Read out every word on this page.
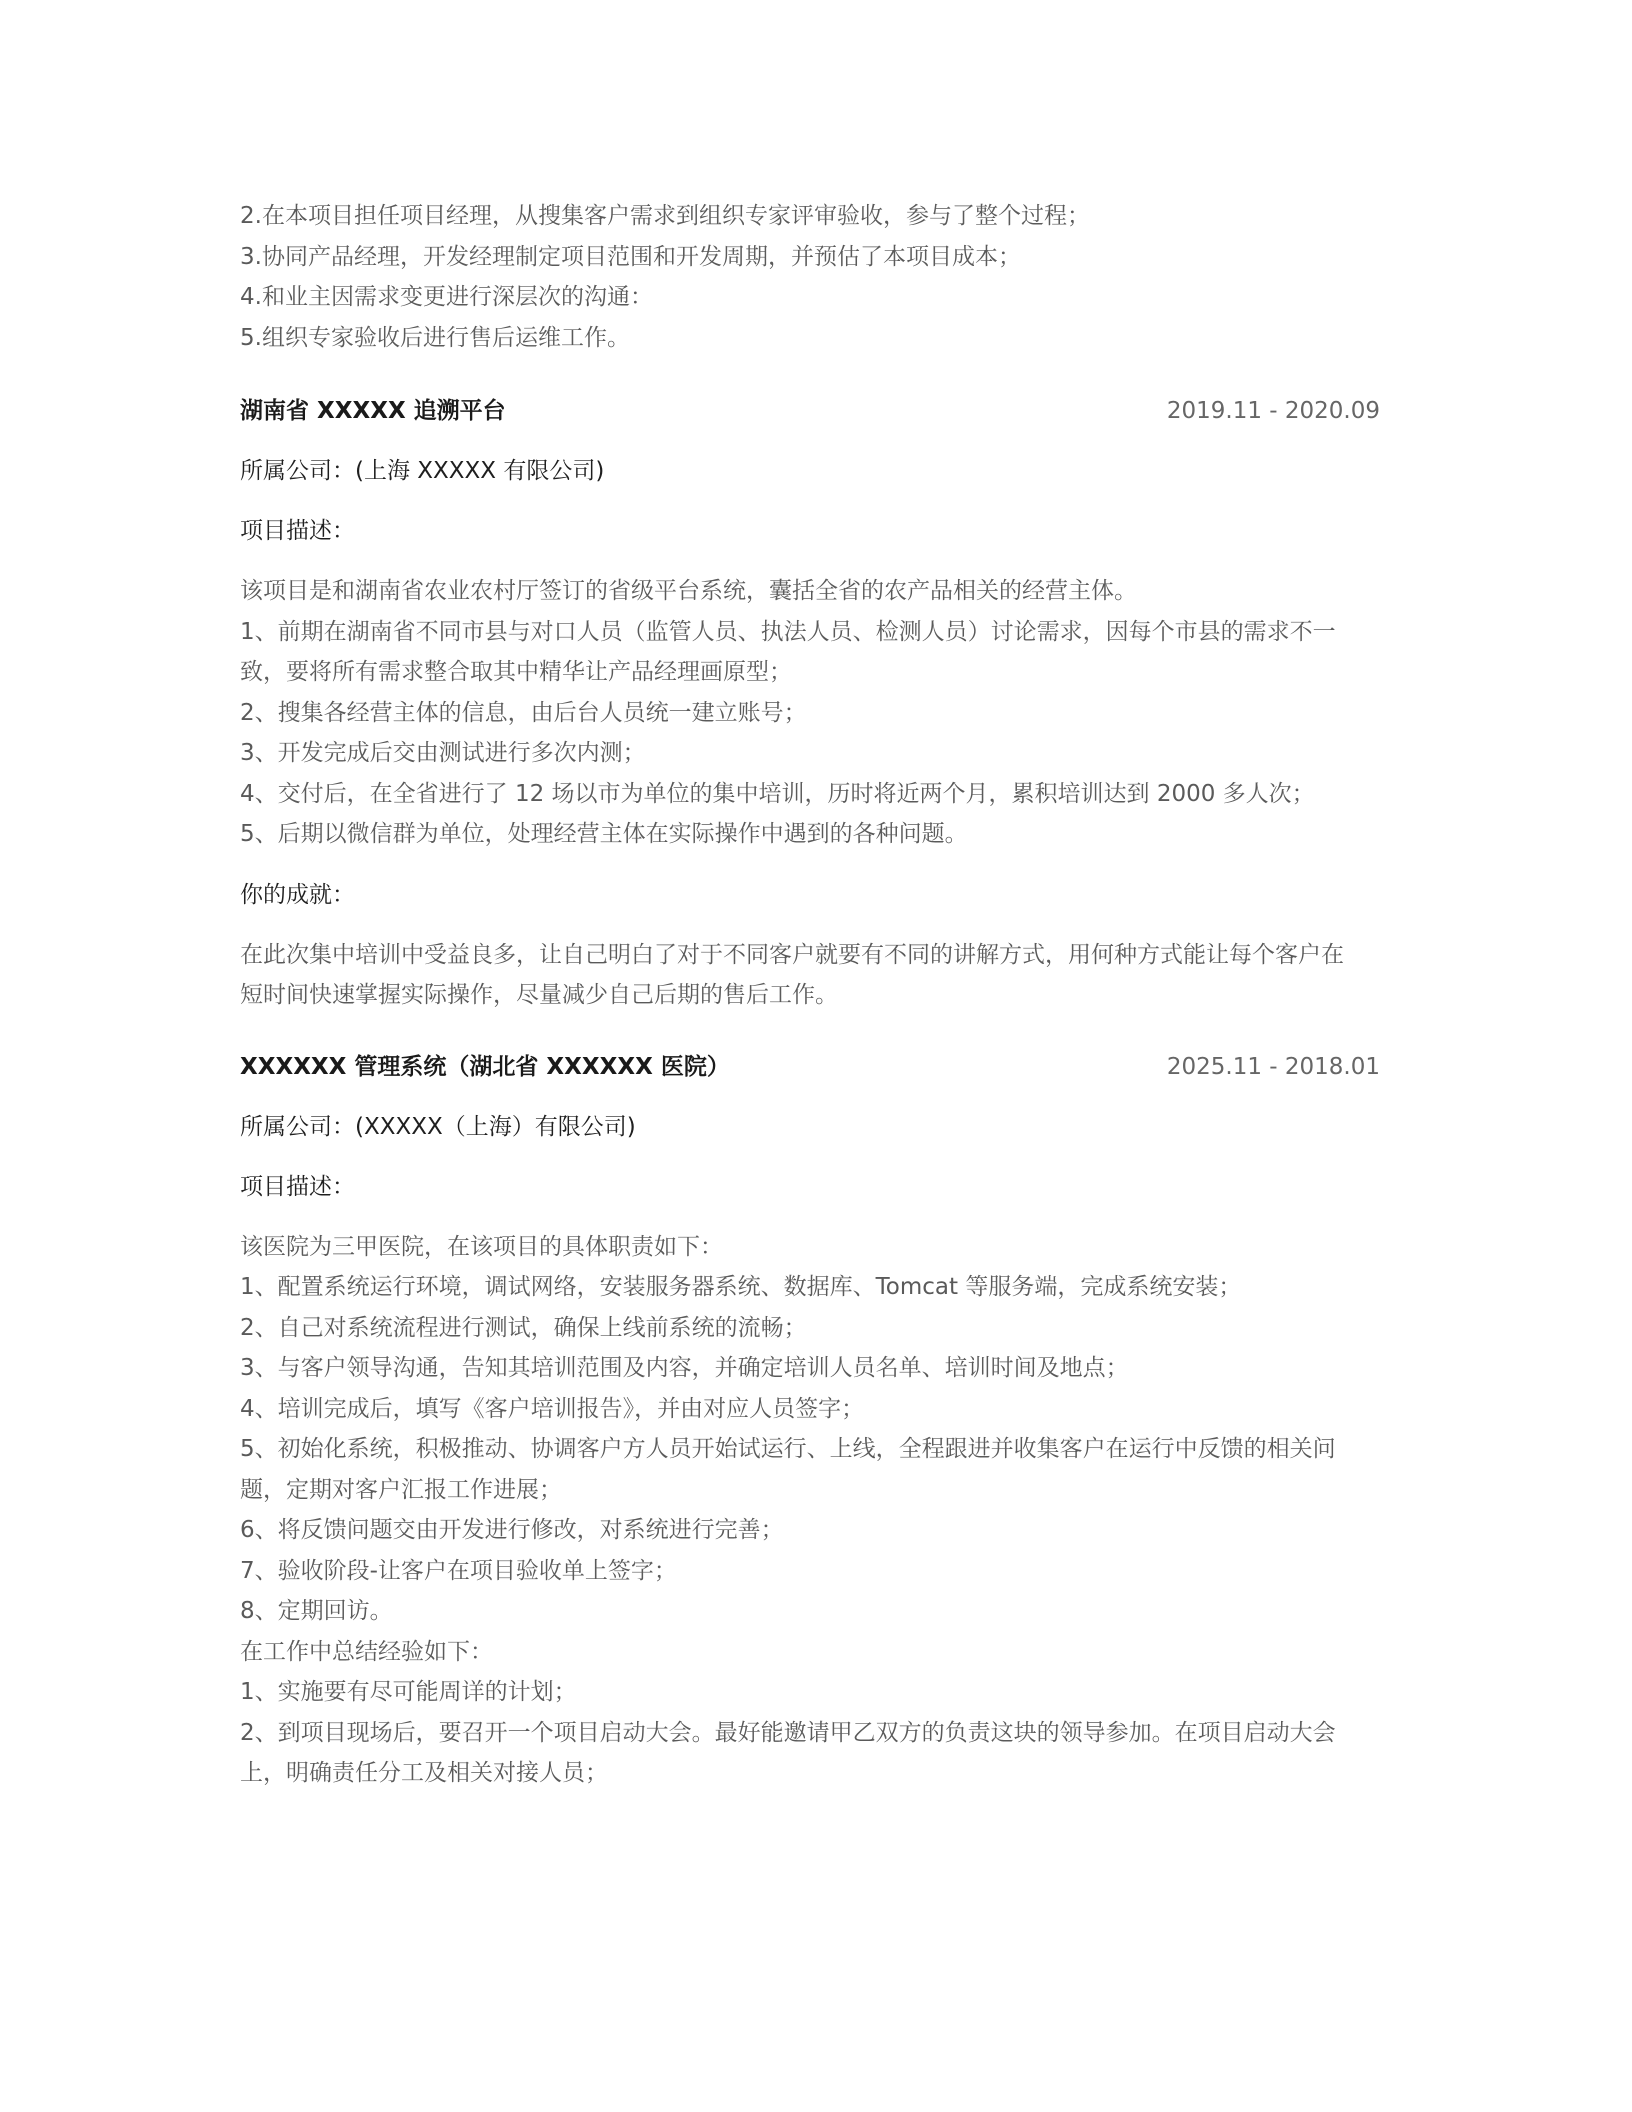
2.在本项目担任项目经理，从搜集客户需求到组织专家评审验收，参与了整个过程；
3.协同产品经理，开发经理制定项目范围和开发周期，并预估了本项目成本；
4.和业主因需求变更进行深层次的沟通：
5.组织专家验收后进行售后运维工作。
湖南省 XXXXX 追溯平台	2019.11 - 2020.09
所属公司：(上海 XXXXX 有限公司)
项目描述：
该项目是和湖南省农业农村厅签订的省级平台系统，囊括全省的农产品相关的经营主体。
1、前期在湖南省不同市县与对口人员（监管人员、执法人员、检测人员）讨论需求，因每个市县的需求不一
致，要将所有需求整合取其中精华让产品经理画原型；
2、搜集各经营主体的信息，由后台人员统一建立账号；
3、开发完成后交由测试进行多次内测；
4、交付后，在全省进行了 12 场以市为单位的集中培训，历时将近两个月，累积培训达到 2000 多人次；
5、后期以微信群为单位，处理经营主体在实际操作中遇到的各种问题。
你的成就：
在此次集中培训中受益良多，让自己明白了对于不同客户就要有不同的讲解方式，用何种方式能让每个客户在
短时间快速掌握实际操作，尽量减少自己后期的售后工作。
XXXXXX 管理系统（湖北省 XXXXXX 医院）	2025.11 - 2018.01
所属公司：(XXXXX（上海）有限公司)
项目描述：
该医院为三甲医院，在该项目的具体职责如下：
1、配置系统运行环境，调试网络，安装服务器系统、数据库、Tomcat 等服务端，完成系统安装；
2、自己对系统流程进行测试，确保上线前系统的流畅；
3、与客户领导沟通，告知其培训范围及内容，并确定培训人员名单、培训时间及地点；
4、培训完成后，填写《客户培训报告》，并由对应人员签字；
5、初始化系统，积极推动、协调客户方人员开始试运行、上线，全程跟进并收集客户在运行中反馈的相关问
题，定期对客户汇报工作进展；
6、将反馈问题交由开发进行修改，对系统进行完善；
7、验收阶段-让客户在项目验收单上签字；
8、定期回访。
在工作中总结经验如下：
1、实施要有尽可能周详的计划；
2、到项目现场后，要召开一个项目启动大会。最好能邀请甲乙双方的负责这块的领导参加。在项目启动大会
上，明确责任分工及相关对接人员；
